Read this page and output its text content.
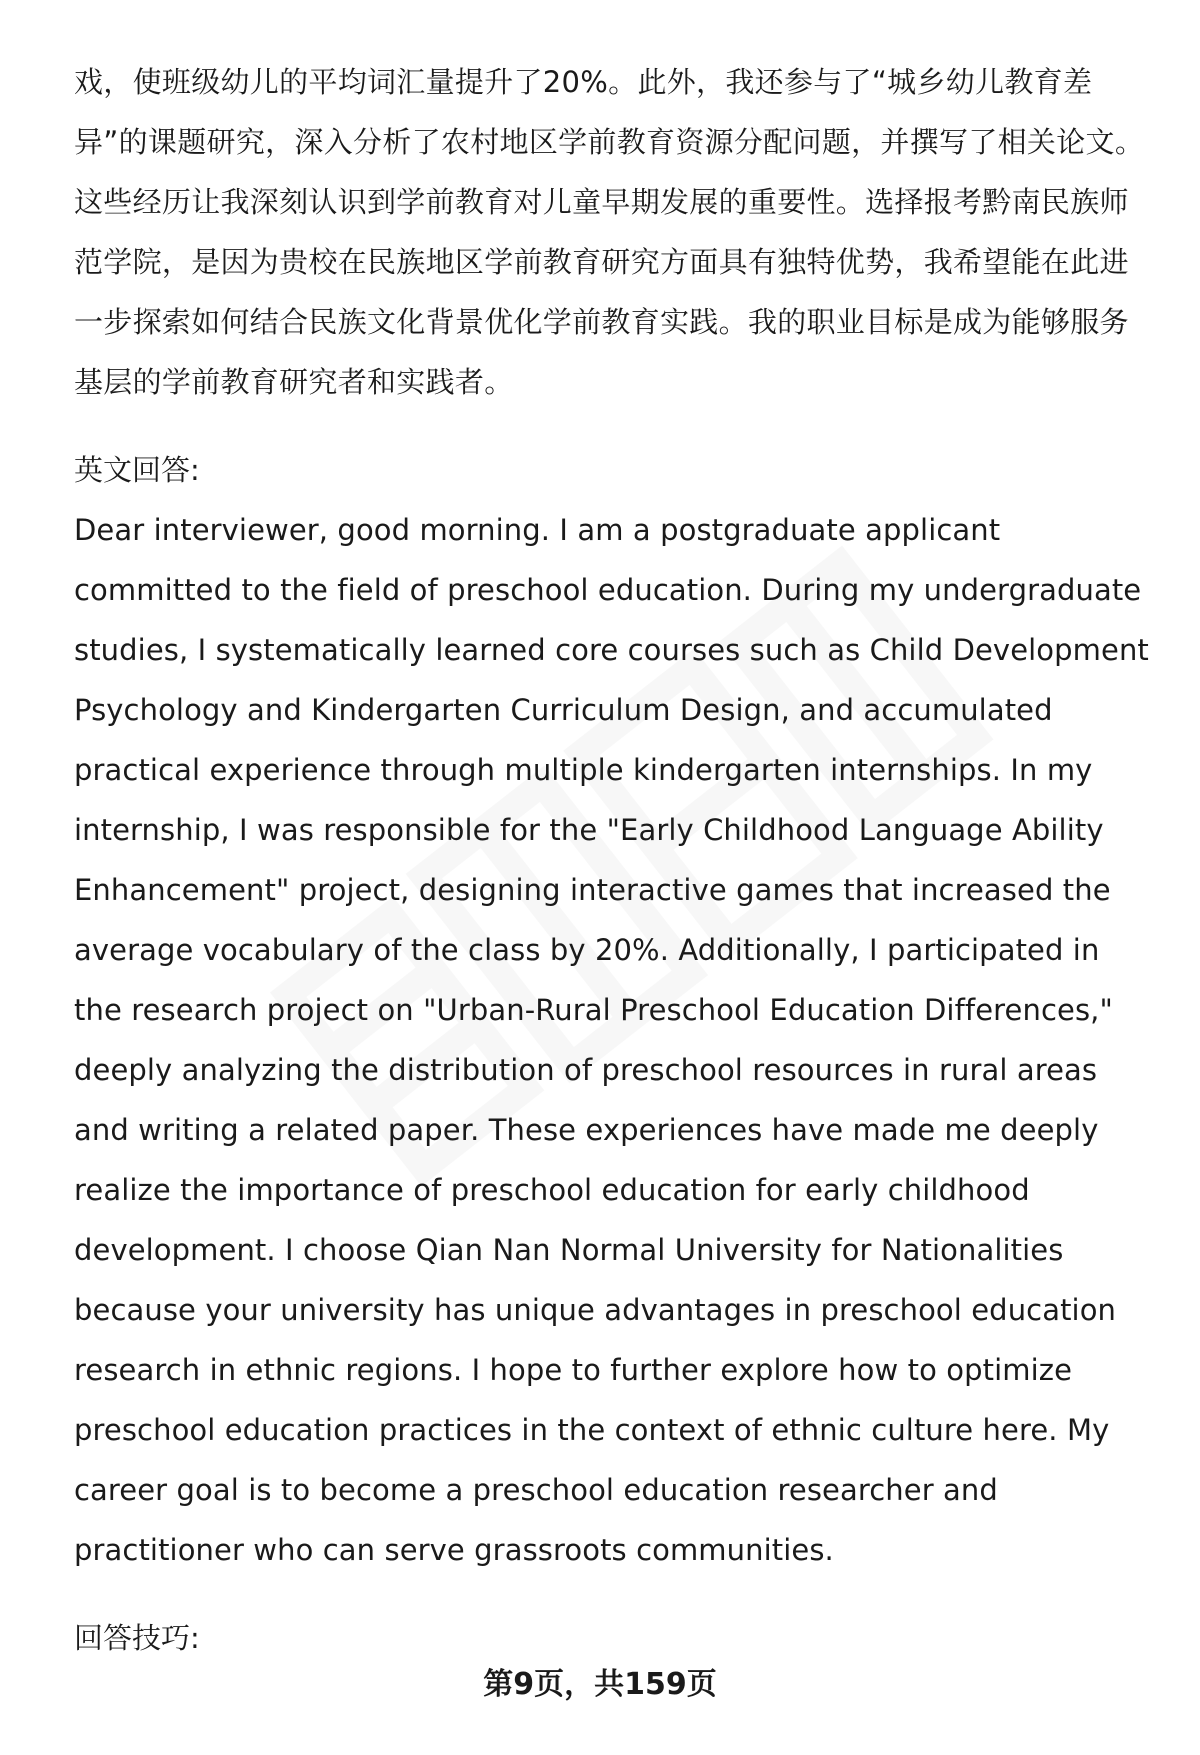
戏，使班级幼儿的平均词汇量提升了20%。此外，我还参与了“城乡幼儿教育差异”的课题研究，深入分析了农村地区学前教育资源分配问题，并撰写了相关论文。这些经历让我深刻认识到学前教育对儿童早期发展的重要性。选择报考黔南民族师范学院，是因为贵校在民族地区学前教育研究方面具有独特优势，我希望能在此进一步探索如何结合民族文化背景优化学前教育实践。我的职业目标是成为能够服务基层的学前教育研究者和实践者。

英文回答:

Dear interviewer, good morning. I am a postgraduate applicant committed to the field of preschool education. During my undergraduate studies, I systematically learned core courses such as Child Development Psychology and Kindergarten Curriculum Design, and accumulated practical experience through multiple kindergarten internships. In my internship, I was responsible for the "Early Childhood Language Ability Enhancement" project, designing interactive games that increased the average vocabulary of the class by 20%. Additionally, I participated in the research project on "Urban-Rural Preschool Education Differences," deeply analyzing the distribution of preschool resources in rural areas and writing a related paper. These experiences have made me deeply realize the importance of preschool education for early childhood development. I choose Qian Nan Normal University for Nationalities because your university has unique advantages in preschool education research in ethnic regions. I hope to further explore how to optimize preschool education practices in the context of ethnic culture here. My career goal is to become a preschool education researcher and practitioner who can serve grassroots communities.

回答技巧:

第9页，共159页
